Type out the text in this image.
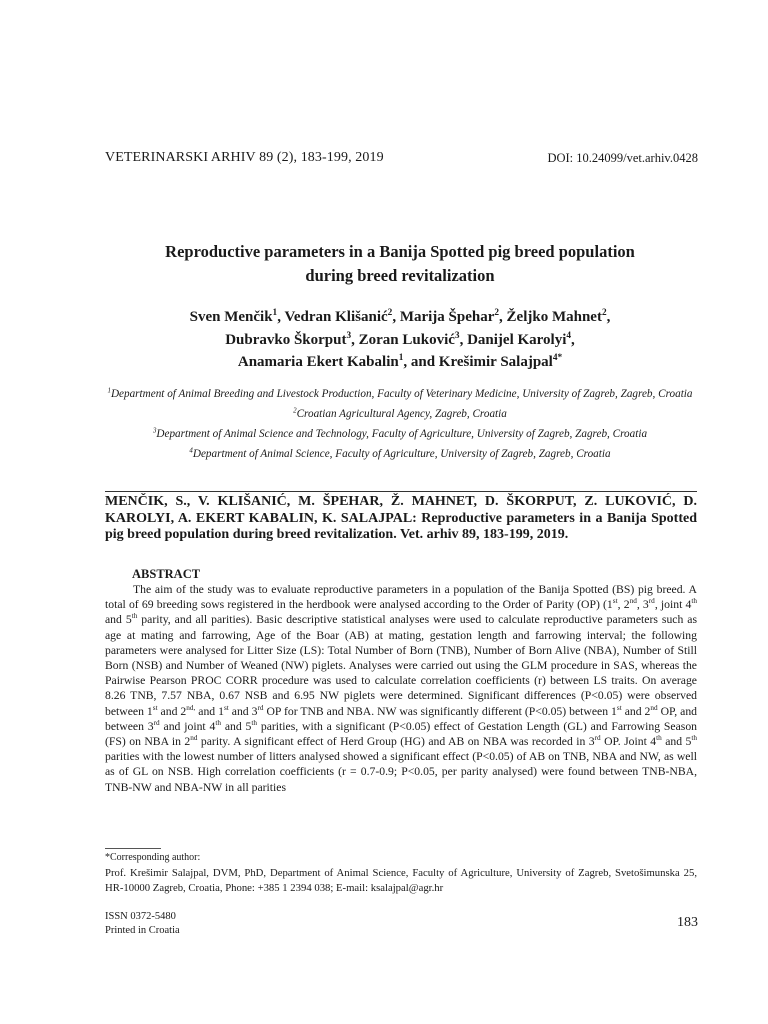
VETERINARSKI ARHIV 89 (2), 183-199, 2019	DOI: 10.24099/vet.arhiv.0428
Reproductive parameters in a Banija Spotted pig breed population
during breed revitalization
Sven Menčik$^1$, Vedran Klišanić$^2$, Marija Špehar$^2$, Željko Mahnet$^2$,
Dubravko Škorput$^3$, Zoran Luković$^3$, Danijel Karolyi$^4$,
Anamaria Ekert Kabalin$^1$, and Krešimir Salajpal$^{4*}$

$^1$Department of Animal Breeding and Livestock Production, Faculty of Veterinary Medicine, University of Zagreb, Zagreb, Croatia

$^2$Croatian Agricultural Agency, Zagreb, Croatia

$^3$Department of Animal Science and Technology, Faculty of Agriculture, University of Zagreb, Zagreb, Croatia

$^4$Department of Animal Science, Faculty of Agriculture, University of Zagreb, Zagreb, Croatia

MENČIK, S., V. KLIŠANIĆ, M. ŠPEHAR, Ž. MAHNET, D. ŠKORPUT, Z. LUKOVIĆ, D. KAROLYI, A. EKERT KABALIN, K. SALAJPAL: Reproductive parameters in a Banija Spotted pig breed population during breed revitalization. Vet. arhiv 89, 183-199, 2019.
ABSTRACT
The aim of the study was to evaluate reproductive parameters in a population of the Banija Spotted (BS) pig breed. A total of 69 breeding sows registered in the herdbook were analysed according to the Order of Parity (OP) (1st, 2nd, 3rd, joint 4th and 5th parity, and all parities). Basic descriptive statistical analyses were used to calculate reproductive parameters such as age at mating and farrowing, Age of the Boar (AB) at mating, gestation length and farrowing interval; the following parameters were analysed for Litter Size (LS): Total Number of Born (TNB), Number of Born Alive (NBA), Number of Still Born (NSB) and Number of Weaned (NW) piglets. Analyses were carried out using the GLM procedure in SAS, whereas the Pairwise Pearson PROC CORR procedure was used to calculate correlation coefficients (r) between LS traits. On average 8.26 TNB, 7.57 NBA, 0.67 NSB and 6.95 NW piglets were determined. Significant differences (P<0.05) were observed between 1st and $2^{nd,}$ and 1st and 3rd OP for TNB and NBA. NW was significantly different (P<0.05) between 1st and 2nd OP, and between 3rd and joint 4th and 5th parities, with a significant (P<0.05) effect of Gestation Length (GL) and Farrowing Season (FS) on NBA in 2nd parity. A significant effect of Herd Group (HG) and AB on NBA was recorded in 3rd OP. Joint 4th and 5th parities with the lowest number of litters analysed showed a significant effect (P<0.05) of AB on TNB, NBA and NW, as well as of GL on NSB. High correlation coefficients (r = 0.7-0.9; P<0.05, per parity analysed) were found between TNB-NBA, TNB-NW and NBA-NW in all parities
*Corresponding author:
Prof. Krešimir Salajpal, DVM, PhD, Department of Animal Science, Faculty of Agriculture, University of Zagreb, Svetošimunska 25, HR-10000 Zagreb, Croatia, Phone: +385 1 2394 038; E-mail: ksalajpal@agr.hr
ISSN 0372-5480
Printed in Croatia
183
